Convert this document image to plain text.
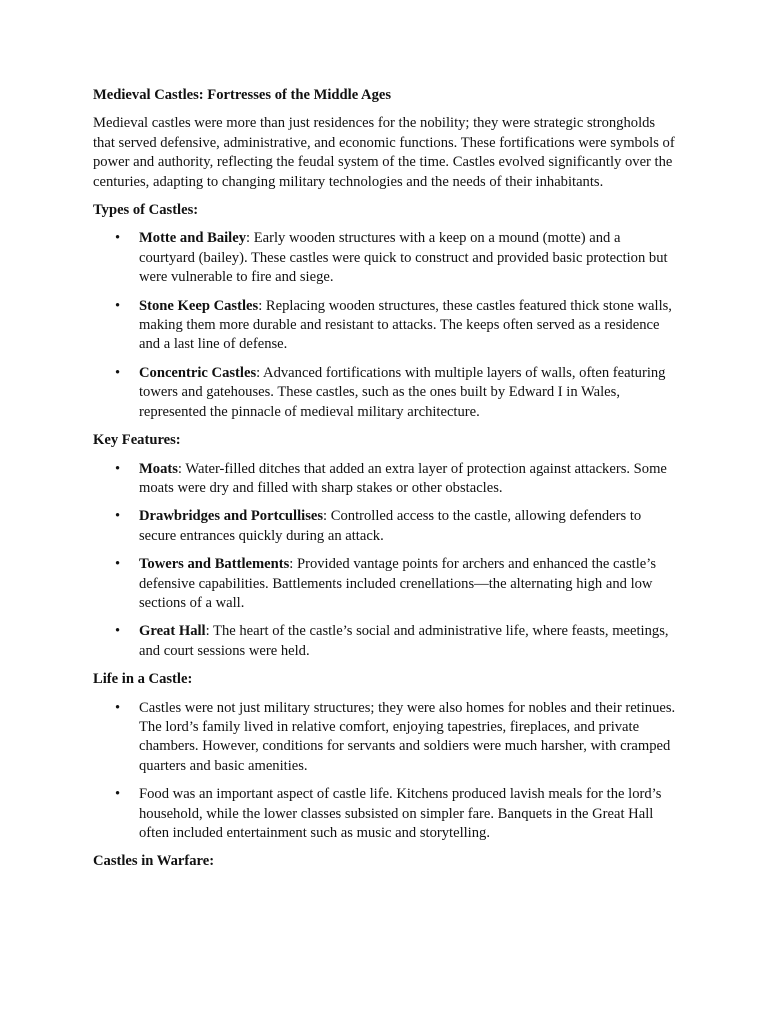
Medieval Castles: Fortresses of the Middle Ages

Medieval castles were more than just residences for the nobility; they were strategic strongholds that served defensive, administrative, and economic functions. These fortifications were symbols of power and authority, reflecting the feudal system of the time. Castles evolved significantly over the centuries, adapting to changing military technologies and the needs of their inhabitants.

Types of Castles:

• Motte and Bailey: Early wooden structures with a keep on a mound (motte) and a courtyard (bailey). These castles were quick to construct and provided basic protection but were vulnerable to fire and siege.
• Stone Keep Castles: Replacing wooden structures, these castles featured thick stone walls, making them more durable and resistant to attacks. The keeps often served as a residence and a last line of defense.
• Concentric Castles: Advanced fortifications with multiple layers of walls, often featuring towers and gatehouses. These castles, such as the ones built by Edward I in Wales, represented the pinnacle of medieval military architecture.

Key Features:

• Moats: Water-filled ditches that added an extra layer of protection against attackers. Some moats were dry and filled with sharp stakes or other obstacles.
• Drawbridges and Portcullises: Controlled access to the castle, allowing defenders to secure entrances quickly during an attack.
• Towers and Battlements: Provided vantage points for archers and enhanced the castle’s defensive capabilities. Battlements included crenellations—the alternating high and low sections of a wall.
• Great Hall: The heart of the castle’s social and administrative life, where feasts, meetings, and court sessions were held.

Life in a Castle:

• Castles were not just military structures; they were also homes for nobles and their retinues. The lord’s family lived in relative comfort, enjoying tapestries, fireplaces, and private chambers. However, conditions for servants and soldiers were much harsher, with cramped quarters and basic amenities.
• Food was an important aspect of castle life. Kitchens produced lavish meals for the lord’s household, while the lower classes subsisted on simpler fare. Banquets in the Great Hall often included entertainment such as music and storytelling.

Castles in Warfare:
